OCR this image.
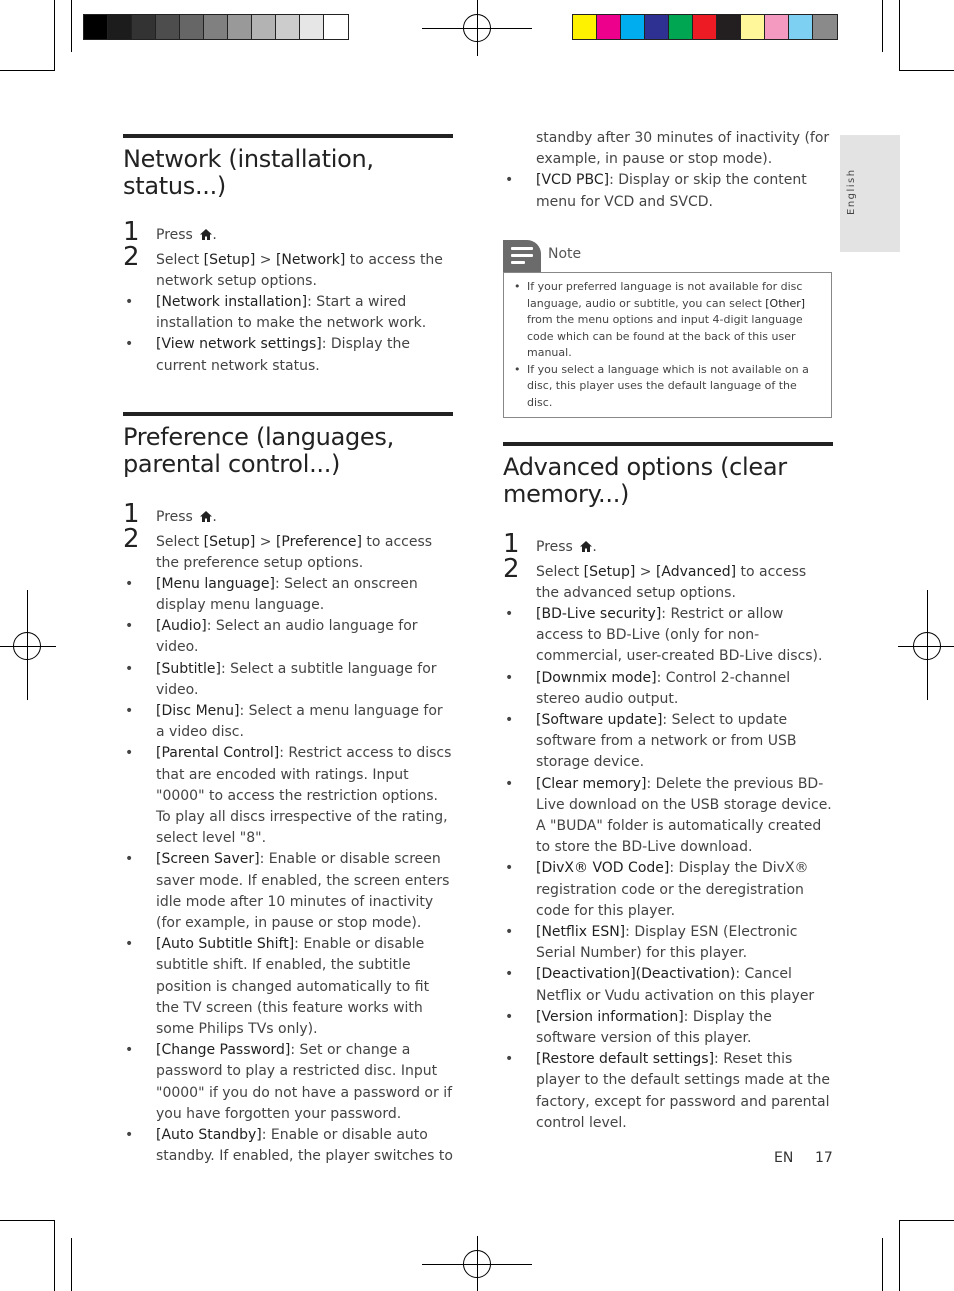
English
Network (installation, status...)
1 Press .
2 Select [Setup] > [Network] to access the network setup options.
• [Network installation]: Start a wired installation to make the network work.
• [View network settings]: Display the current network status.
Preference (languages, parental control...)
1 Press .
2 Select [Setup] > [Preference] to access the preference setup options.
• [Menu language]: Select an onscreen display menu language.
• [Audio]: Select an audio language for video.
• [Subtitle]: Select a subtitle language for video.
• [Disc Menu]: Select a menu language for a video disc.
• [Parental Control]: Restrict access to discs that are encoded with ratings. Input "0000" to access the restriction options. To play all discs irrespective of the rating, select level "8".
• [Screen Saver]: Enable or disable screen saver mode. If enabled, the screen enters idle mode after 10 minutes of inactivity (for example, in pause or stop mode).
• [Auto Subtitle Shift]: Enable or disable subtitle shift. If enabled, the subtitle position is changed automatically to fit the TV screen (this feature works with some Philips TVs only).
• [Change Password]: Set or change a password to play a restricted disc. Input "0000" if you do not have a password or if you have forgotten your password.
• [Auto Standby]: Enable or disable auto standby. If enabled, the player switches to
standby after 30 minutes of inactivity (for example, in pause or stop mode).
• [VCD PBC]: Display or skip the content menu for VCD and SVCD.
Note
• If your preferred language is not available for disc language, audio or subtitle, you can select [Other] from the menu options and input 4-digit language code which can be found at the back of this user manual.
• If you select a language which is not available on a disc, this player uses the default language of the disc.
Advanced options (clear memory...)
1 Press .
2 Select [Setup] > [Advanced] to access the advanced setup options.
• [BD-Live security]: Restrict or allow access to BD-Live (only for non-commercial, user-created BD-Live discs).
• [Downmix mode]: Control 2-channel stereo audio output.
• [Software update]: Select to update software from a network or from USB storage device.
• [Clear memory]: Delete the previous BD-Live download on the USB storage device. A "BUDA" folder is automatically created to store the BD-Live download.
• [DivX® VOD Code]: Display the DivX® registration code or the deregistration code for this player.
• [Netflix ESN]: Display ESN (Electronic Serial Number) for this player.
• [Deactivation](Deactivation): Cancel Netflix or Vudu activation on this player
• [Version information]: Display the software version of this player.
• [Restore default settings]: Reset this player to the default settings made at the factory, except for password and parental control level.
EN 17
